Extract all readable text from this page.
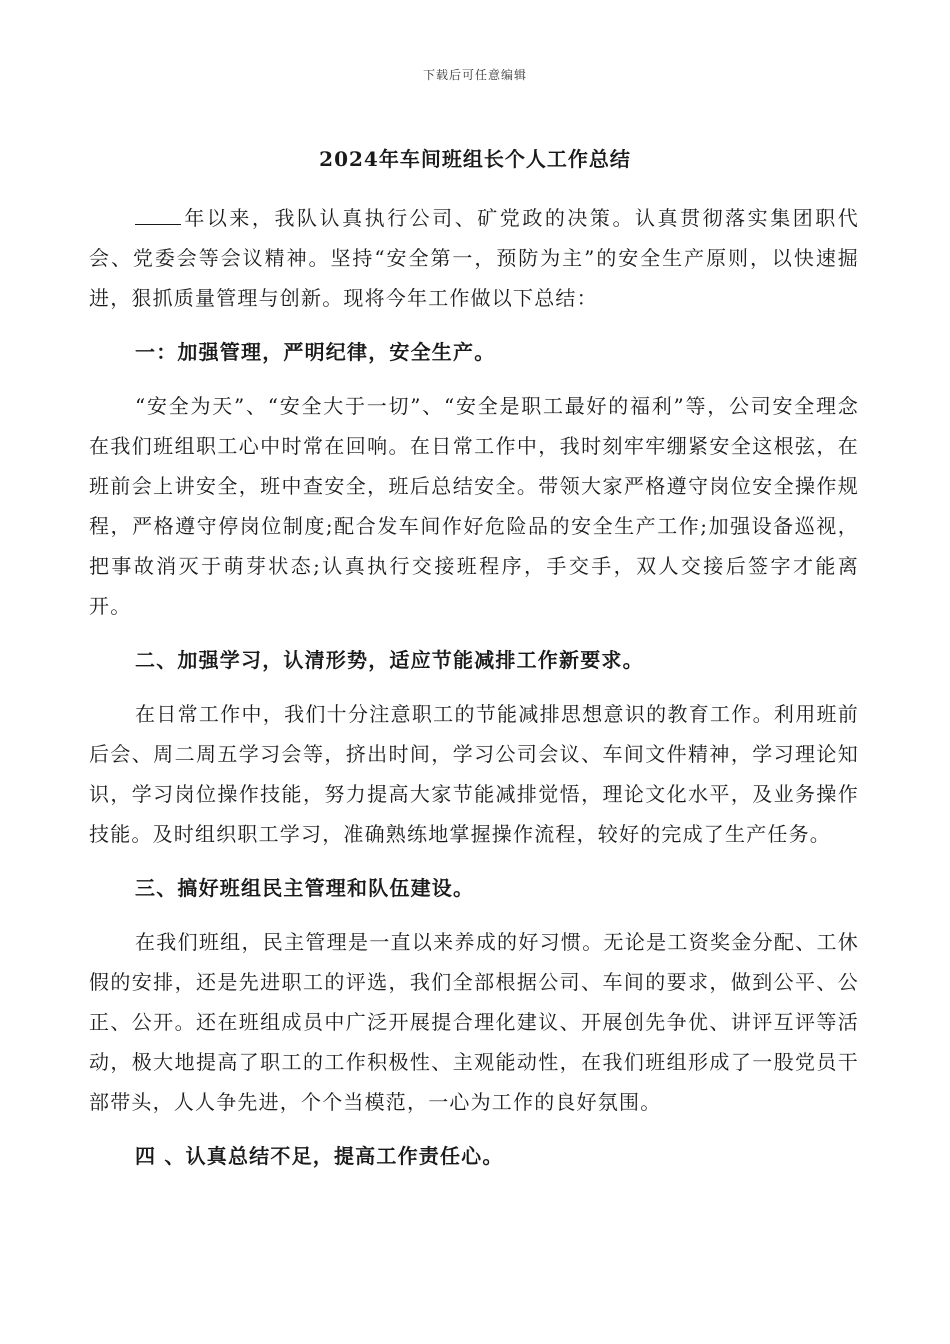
下载后可任意编辑
2024年车间班组长个人工作总结

年以来，我队认真执行公司、矿党政的决策。认真贯彻落实集团职代会、党委会等会议精神。坚持“安全第一，预防为主”的安全生产原则，以快速掘进，狠抓质量管理与创新。现将今年工作做以下总结：

一：加强管理，严明纪律，安全生产。

“安全为天”、“安全大于一切”、“安全是职工最好的福利”等，公司安全理念在我们班组职工心中时常在回响。在日常工作中，我时刻牢牢绷紧安全这根弦，在班前会上讲安全，班中查安全，班后总结安全。带领大家严格遵守岗位安全操作规程，严格遵守停岗位制度;配合发车间作好危险品的安全生产工作;加强设备巡视，把事故消灭于萌芽状态;认真执行交接班程序，手交手，双人交接后签字才能离开。

二、加强学习，认清形势，适应节能减排工作新要求。

在日常工作中，我们十分注意职工的节能减排思想意识的教育工作。利用班前后会、周二周五学习会等，挤出时间，学习公司会议、车间文件精神，学习理论知识，学习岗位操作技能，努力提高大家节能减排觉悟，理论文化水平，及业务操作技能。及时组织职工学习，准确熟练地掌握操作流程，较好的完成了生产任务。

三、搞好班组民主管理和队伍建设。

在我们班组，民主管理是一直以来养成的好习惯。无论是工资奖金分配、工休假的安排，还是先进职工的评选，我们全部根据公司、车间的要求，做到公平、公正、公开。还在班组成员中广泛开展提合理化建议、开展创先争优、讲评互评等活动，极大地提高了职工的工作积极性、主观能动性，在我们班组形成了一股党员干部带头，人人争先进，个个当模范，一心为工作的良好氛围。

四 、认真总结不足，提高工作责任心。
